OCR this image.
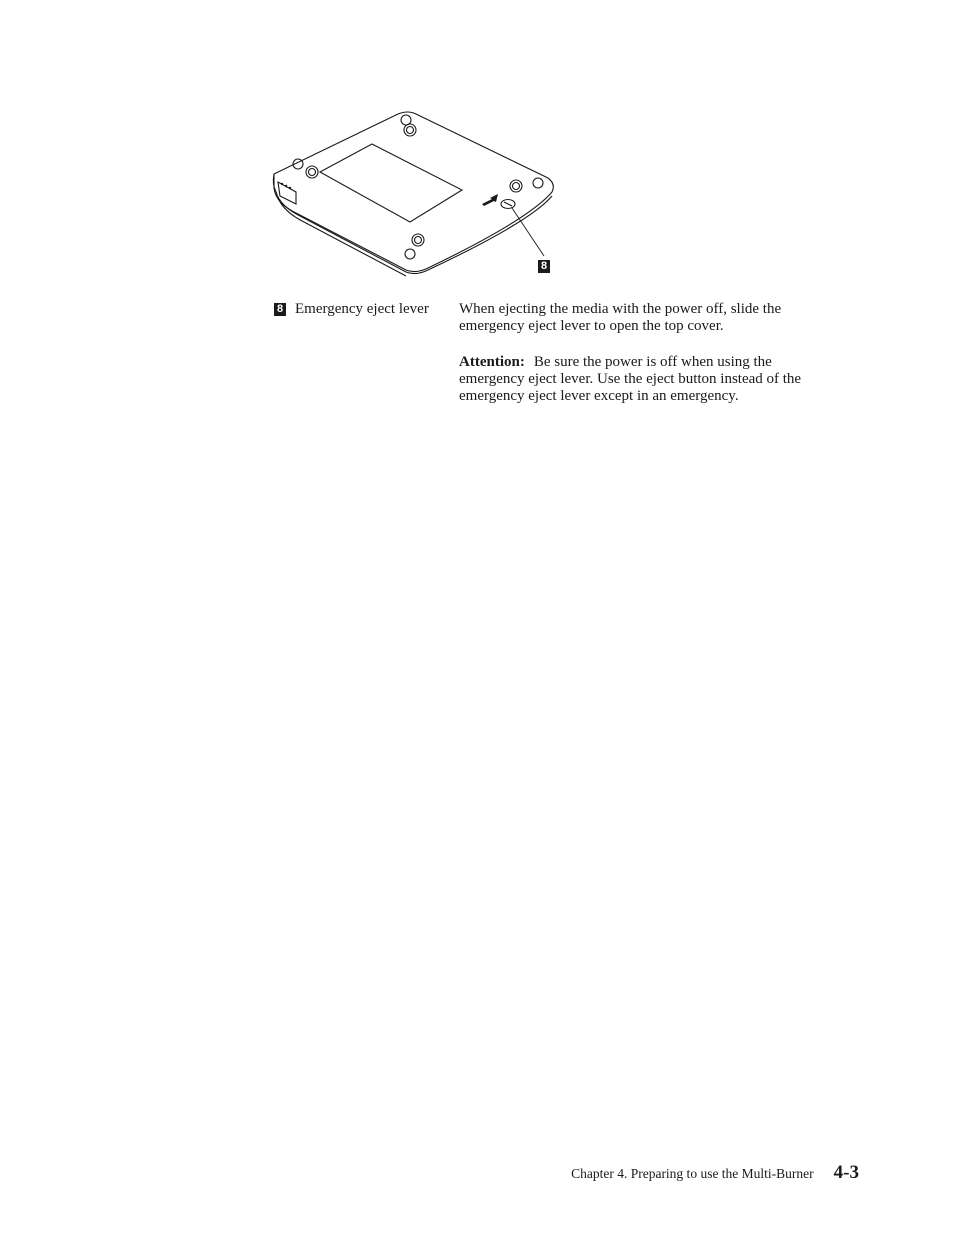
8
8 Emergency eject lever When ejecting the media with the power off, slide the emergency eject lever to open the top cover.

Attention: Be sure the power is off when using the emergency eject lever. Use the eject button instead of the emergency eject lever except in an emergency.

Chapter 4. Preparing to use the Multi-Burner 4-3
